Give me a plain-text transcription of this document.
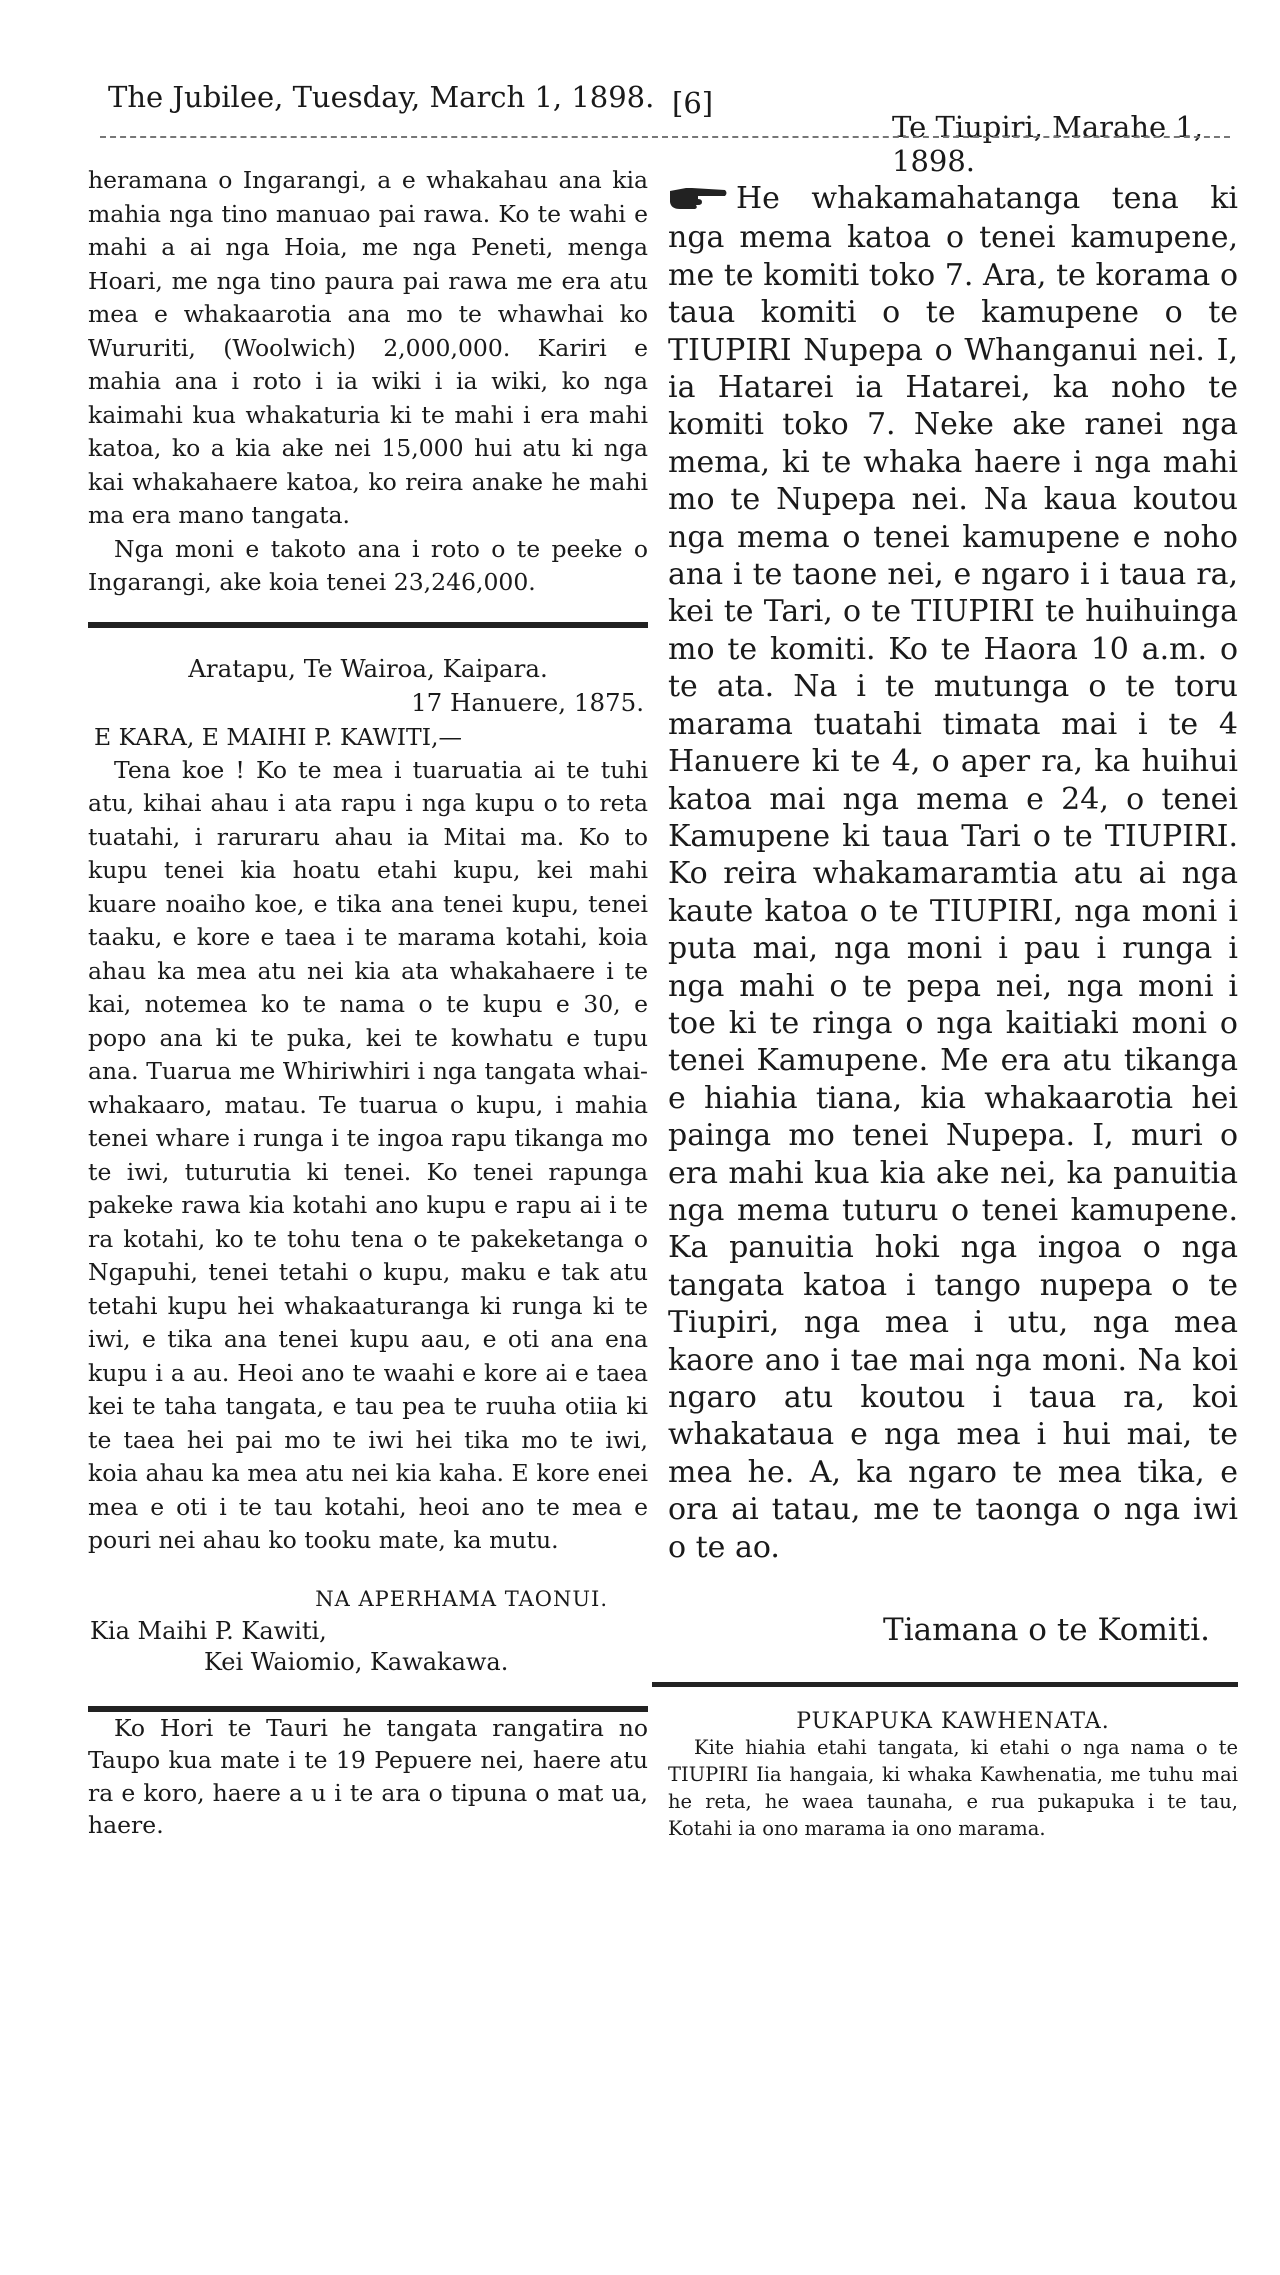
The Jubilee, Tuesday, March 1, 1898. [6]
Te Tiupiri, Marahe 1, 1898.

heramana o Ingarangi, a e whakahau ana kia mahia nga tino manuao pai rawa. Ko te wahi e mahi a ai nga Hoia, me nga Peneti, menga Hoari, me nga tino paura pai rawa me era atu mea e whakaarotia ana mo te whawhai ko Wururiti, (Woolwich) 2,000,000. Kariri e mahia ana i roto i ia wiki i ia wiki, ko nga kaimahi kua whakaturia ki te mahi i era mahi katoa, ko a kia ake nei 15,000 hui atu ki nga kai whakahaere katoa, ko reira anake he mahi ma era mano tangata.

Nga moni e takoto ana i roto o te peeke o Ingarangi, ake koia tenei 23,246,000.

Aratapu, Te Wairoa, Kaipara.
17 Hanuere, 1875.
E KARA, E MAIHI P. KAWITI,—

Tena koe ! Ko te mea i tuaruatia ai te tuhi atu, kihai ahau i ata rapu i nga kupu o to reta tuatahi, i raruraru ahau ia Mitai ma. Ko to kupu tenei kia hoatu etahi kupu, kei mahi kuare noaiho koe, e tika ana tenei kupu, tenei taaku, e kore e taea i te marama kotahi, koia ahau ka mea atu nei kia ata whakahaere i te kai, notemea ko te nama o te kupu e 30, e popo ana ki te puka, kei te kowhatu e tupu ana. Tuarua me Whiriwhiri i nga tangata whai-whakaaro, matau. Te tuarua o kupu, i mahia tenei whare i runga i te ingoa rapu tikanga mo te iwi, tuturutia ki tenei. Ko tenei rapunga pakeke rawa kia kotahi ano kupu e rapu ai i te ra kotahi, ko te tohu tena o te pakeketanga o Ngapuhi, tenei tetahi o kupu, maku e tak atu tetahi kupu hei whakaaturanga ki runga ki te iwi, e tika ana tenei kupu aau, e oti ana ena kupu i a au. Heoi ano te waahi e kore ai e taea kei te taha tangata, e tau pea te ruuha otiia ki te taea hei pai mo te iwi hei tika mo te iwi, koia ahau ka mea atu nei kia kaha. E kore enei mea e oti i te tau kotahi, heoi ano te mea e pouri nei ahau ko tooku mate, ka mutu.

NA APERHAMA TAONUI.
Kia Maihi P. Kawiti,
Kei Waiomio, Kawakawa.

Ko Hori te Tauri he tangata rangatira no Taupo kua mate i te 19 Pepuere nei, haere atu ra e koro, haere a u i te ara o tipuna o mat ua, haere.

He whakamahatanga tena ki nga mema katoa o tenei kamupene, me te komiti toko 7. Ara, te korama o taua komiti o te kamupene o te TIUPIRI Nupepa o Whanganui nei. I, ia Hatarei ia Hatarei, ka noho te komiti toko 7. Neke ake ranei nga mema, ki te whaka haere i nga mahi mo te Nupepa nei. Na kaua koutou nga mema o tenei kamupene e noho ana i te taone nei, e ngaro i i taua ra, kei te Tari, o te TIUPIRI te huihuinga mo te komiti. Ko te Haora 10 a.m. o te ata. Na i te mutunga o te toru marama tuatahi timata mai i te 4 Hanuere ki te 4, o aper ra, ka huihui katoa mai nga mema e 24, o tenei Kamupene ki taua Tari o te TIUPIRI. Ko reira whakamaramtia atu ai nga kaute katoa o te TIUPIRI, nga moni i puta mai, nga moni i pau i runga i nga mahi o te pepa nei, nga moni i toe ki te ringa o nga kaitiaki moni o tenei Kamupene. Me era atu tikanga e hiahia tiana, kia whakaarotia hei painga mo tenei Nupepa. I, muri o era mahi kua kia ake nei, ka panuitia nga mema tuturu o tenei kamupene. Ka panuitia hoki nga ingoa o nga tangata katoa i tango nupepa o te Tiupiri, nga mea i utu, nga mea kaore ano i tae mai nga moni. Na koi ngaro atu koutou i taua ra, koi whakataua e nga mea i hui mai, te mea he. A, ka ngaro te mea tika, e ora ai tatau, me te taonga o nga iwi o te ao.

Tiamana o te Komiti.
PUKAPUKA KAWHENATA.

Kite hiahia etahi tangata, ki etahi o nga nama o te TIUPIRI Iia hangaia, ki whaka Kawhenatia, me tuhu mai he reta, he waea taunaha, e rua pukapuka i te tau, Kotahi ia ono marama ia ono marama.
